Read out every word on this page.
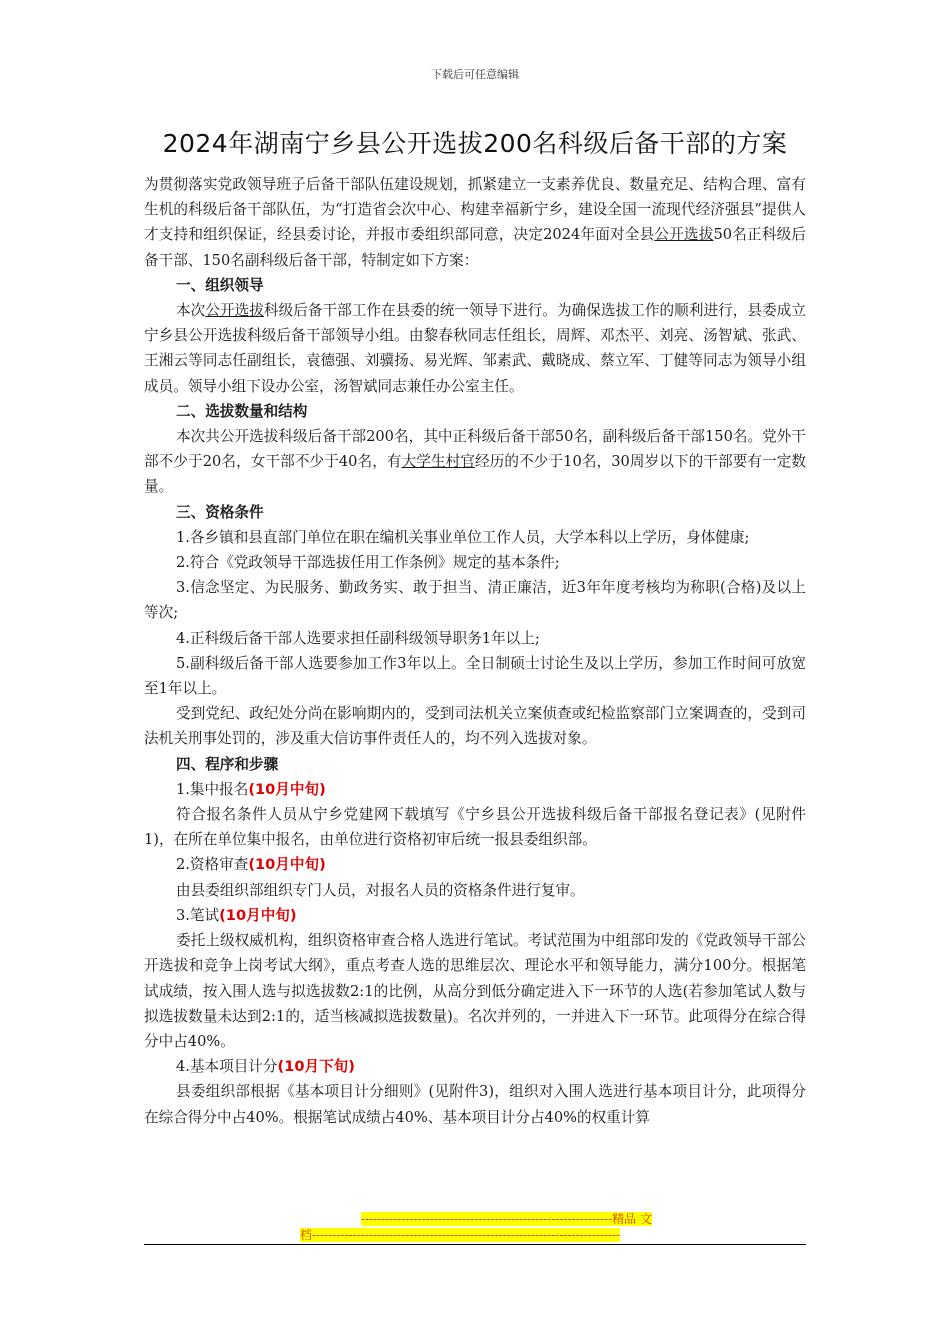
下载后可任意编辑
2024年湖南宁乡县公开选拔200名科级后备干部的方案

为贯彻落实党政领导班子后备干部队伍建设规划，抓紧建立一支素养优良、数量充足、结构合理、富有生机的科级后备干部队伍，为“打造省会次中心、构建幸福新宁乡，建设全国一流现代经济强县”提供人才支持和组织保证，经县委讨论，并报市委组织部同意，决定2024年面对全县公开选拔50名正科级后备干部、150名副科级后备干部，特制定如下方案：

一、组织领导

本次公开选拔科级后备干部工作在县委的统一领导下进行。为确保选拔工作的顺利进行，县委成立宁乡县公开选拔科级后备干部领导小组。由黎春秋同志任组长，周辉、邓杰平、刘亮、汤智斌、张武、王湘云等同志任副组长，袁德强、刘骥扬、易光辉、邹素武、戴晓成、蔡立军、丁健等同志为领导小组成员。领导小组下设办公室，汤智斌同志兼任办公室主任。

二、选拔数量和结构

本次共公开选拔科级后备干部200名，其中正科级后备干部50名，副科级后备干部150名。党外干部不少于20名，女干部不少于40名，有大学生村官经历的不少于10名，30周岁以下的干部要有一定数量。

三、资格条件

1.各乡镇和县直部门单位在职在编机关事业单位工作人员，大学本科以上学历，身体健康;

2.符合《党政领导干部选拔任用工作条例》规定的基本条件;

3.信念坚定、为民服务、勤政务实、敢于担当、清正廉洁，近3年年度考核均为称职(合格)及以上等次;

4.正科级后备干部人选要求担任副科级领导职务1年以上;

5.副科级后备干部人选要参加工作3年以上。全日制硕士讨论生及以上学历，参加工作时间可放宽至1年以上。

受到党纪、政纪处分尚在影响期内的，受到司法机关立案侦查或纪检监察部门立案调查的，受到司法机关刑事处罚的，涉及重大信访事件责任人的，均不列入选拔对象。

四、程序和步骤

1.集中报名(10月中旬)

符合报名条件人员从宁乡党建网下载填写《宁乡县公开选拔科级后备干部报名登记表》(见附件1)，在所在单位集中报名，由单位进行资格初审后统一报县委组织部。

2.资格审查(10月中旬)

由县委组织部组织专门人员，对报名人员的资格条件进行复审。

3.笔试(10月中旬)

委托上级权威机构，组织资格审查合格人选进行笔试。考试范围为中组部印发的《党政领导干部公开选拔和竞争上岗考试大纲》，重点考查人选的思维层次、理论水平和领导能力，满分100分。根据笔试成绩，按入围人选与拟选拔数2:1的比例，从高分到低分确定进入下一环节的人选(若参加笔试人数与拟选拔数量未达到2:1的，适当核减拟选拔数量)。名次并列的，一并进入下一环节。此项得分在综合得分中占40%。

4.基本项目计分(10月下旬)

县委组织部根据《基本项目计分细则》(见附件3)，组织对入围人选进行基本项目计分，此项得分在综合得分中占40%。根据笔试成绩占40%、基本项目计分占40%的权重计算

--------------------------------------------------------------精品 文
档----------------------------------------------------------------------------
